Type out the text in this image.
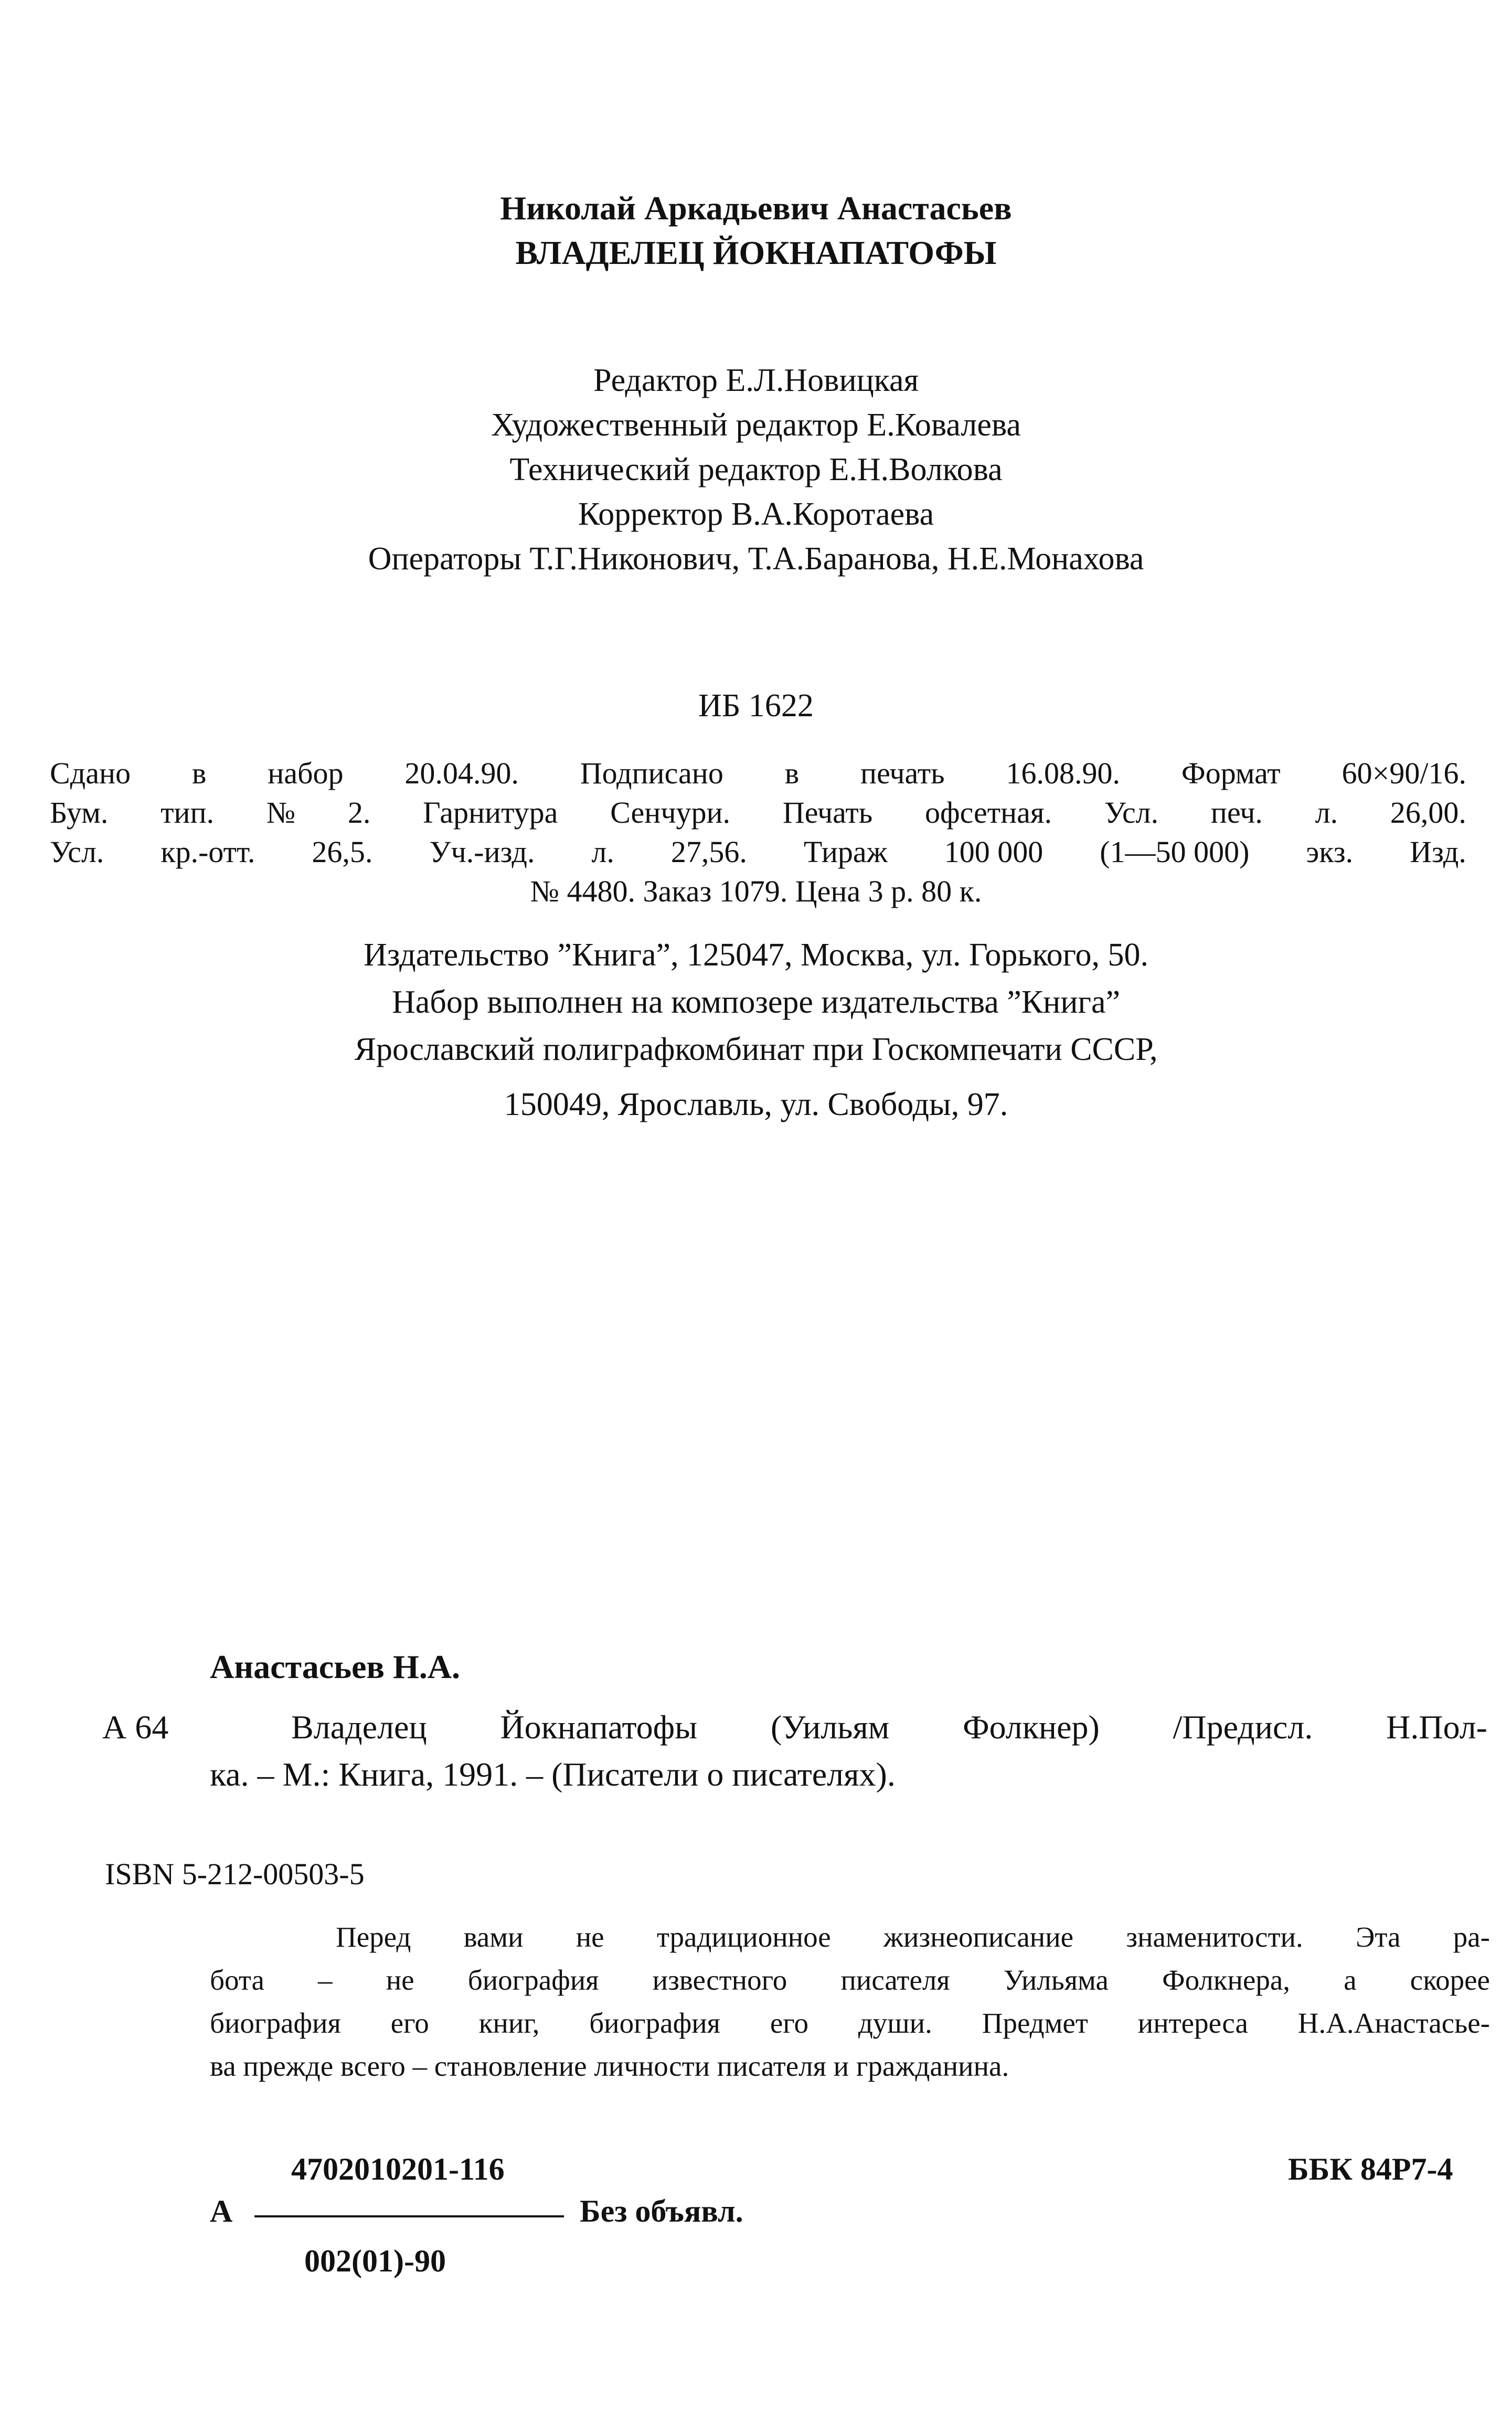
Николай Аркадьевич Анастасьев
ВЛАДЕЛЕЦ ЙОКНАПАТОФЫ
Редактор Е.Л.Новицкая
Художественный редактор Е.Ковалева
Технический редактор Е.Н.Волкова
Корректор В.А.Коротаева
Операторы Т.Г.Никонович, Т.А.Баранова, Н.Е.Монахова
ИБ 1622
Сдано в набор 20.04.90. Подписано в печать 16.08.90. Формат 60×90/16.
Бум. тип. № 2. Гарнитура Сенчури. Печать офсетная. Усл. печ. л. 26,00.
Усл. кр.-отт. 26,5. Уч.-изд. л. 27,56. Тираж 100 000 (1—50 000) экз. Изд.
№ 4480. Заказ 1079. Цена 3 р. 80 к.
Издательство ”Книга”, 125047, Москва, ул. Горького, 50.
Набор выполнен на композере издательства ”Книга”
Ярославский полиграфкомбинат при Госкомпечати СССР,
150049, Ярославль, ул. Свободы, 97.
Анастасьев Н.А.
А 64	Владелец Йокнапатофы (Уильям Фолкнер) /Предисл. Н.Пол-
ка. – М.: Книга, 1991. – (Писатели о писателях).
ISBN 5-212-00503-5
Перед вами не традиционное жизнеописание знаменитости. Эта ра-
бота – не биография известного писателя Уильяма Фолкнера, а скорее
биография его книг, биография его души. Предмет интереса Н.А.Анастасье-
ва прежде всего – становление личности писателя и гражданина.
4702010201-116
А	Без объявл.
002(01)-90
ББК 84Р7-4
